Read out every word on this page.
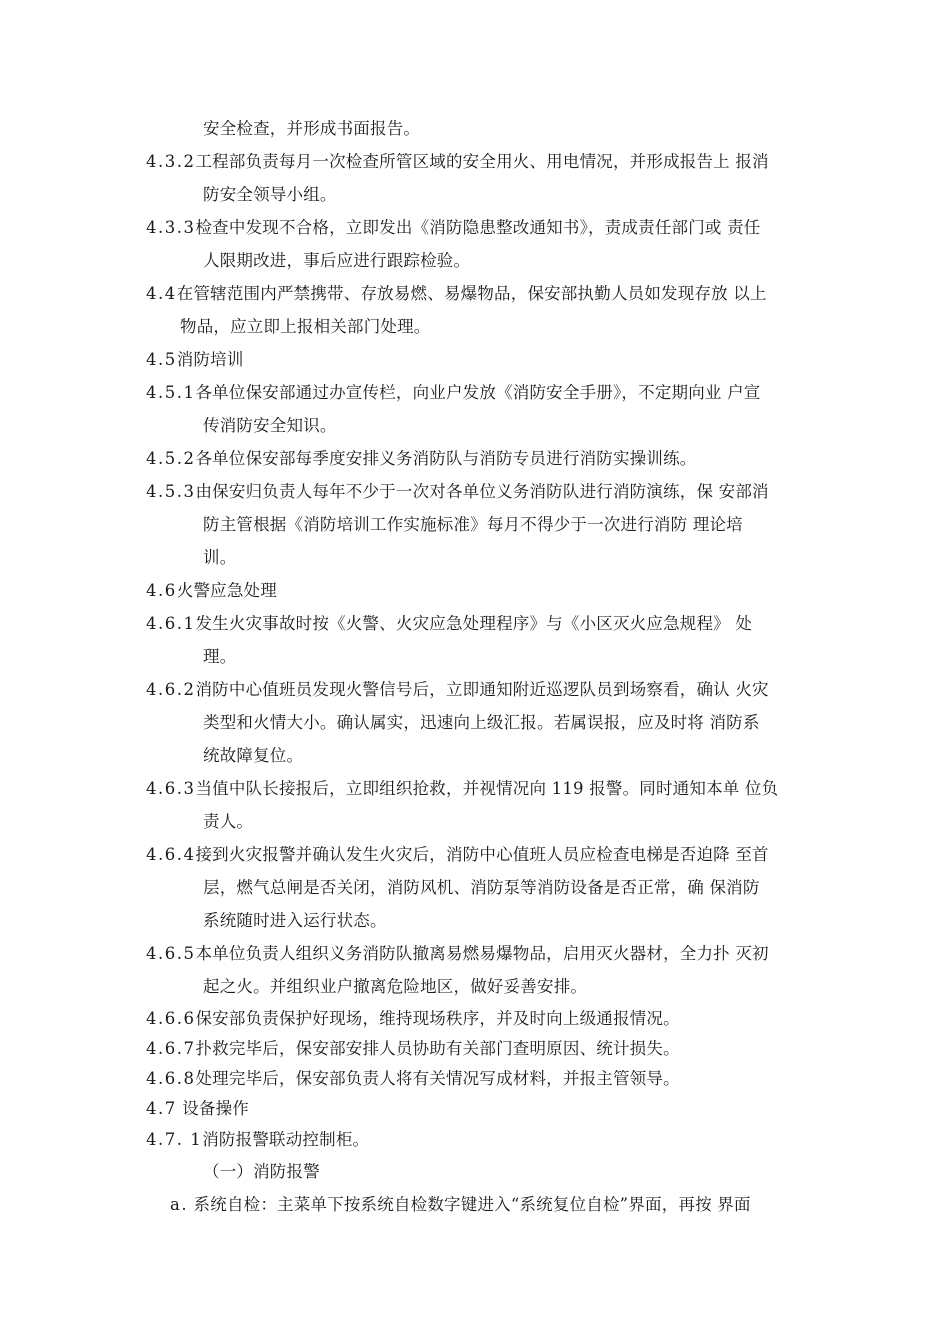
安全检查，并形成书面报告。
4.3.2工程部负责每月一次检查所管区域的安全用火、用电情况，并形成报告上 报消
防安全领导小组。
4.3.3检查中发现不合格，立即发出《消防隐患整改通知书》，责成责任部门或 责任
人限期改进，事后应进行跟踪检验。
4.4在管辖范围内严禁携带、存放易燃、易爆物品，保安部执勤人员如发现存放 以上
物品，应立即上报相关部门处理。
4.5消防培训
4.5.1各单位保安部通过办宣传栏，向业户发放《消防安全手册》，不定期向业 户宣
传消防安全知识。
4.5.2各单位保安部每季度安排义务消防队与消防专员进行消防实操训练。
4.5.3由保安归负责人每年不少于一次对各单位义务消防队进行消防演练，保 安部消
防主管根据《消防培训工作实施标准》每月不得少于一次进行消防 理论培
训。
4.6火警应急处理
4.6.1发生火灾事故时按《火警、火灾应急处理程序》与《小区灭火应急规程》 处
理。
4.6.2消防中心值班员发现火警信号后，立即通知附近巡逻队员到场察看，确认 火灾
类型和火情大小。确认属实，迅速向上级汇报。若属误报，应及时将 消防系
统故障复位。
4.6.3当值中队长接报后，立即组织抢救，并视情况向 119 报警。同时通知本单 位负
责人。
4.6.4接到火灾报警并确认发生火灾后，消防中心值班人员应检查电梯是否迫降 至首
层，燃气总闸是否关闭，消防风机、消防泵等消防设备是否正常，确 保消防
系统随时进入运行状态。
4.6.5本单位负责人组织义务消防队撤离易燃易爆物品，启用灭火器材，全力扑 灭初
起之火。并组织业户撤离危险地区，做好妥善安排。
4.6.6保安部负责保护好现场，维持现场秩序，并及时向上级通报情况。
4.6.7扑救完毕后，保安部安排人员协助有关部门查明原因、统计损失。
4.6.8处理完毕后，保安部负责人将有关情况写成材料，并报主管领导。
4.7 设备操作
4.7. 1消防报警联动控制柜。
（一）消防报警
a. 系统自检：主菜单下按系统自检数字键进入“系统复位自检”界面，再按 界面
